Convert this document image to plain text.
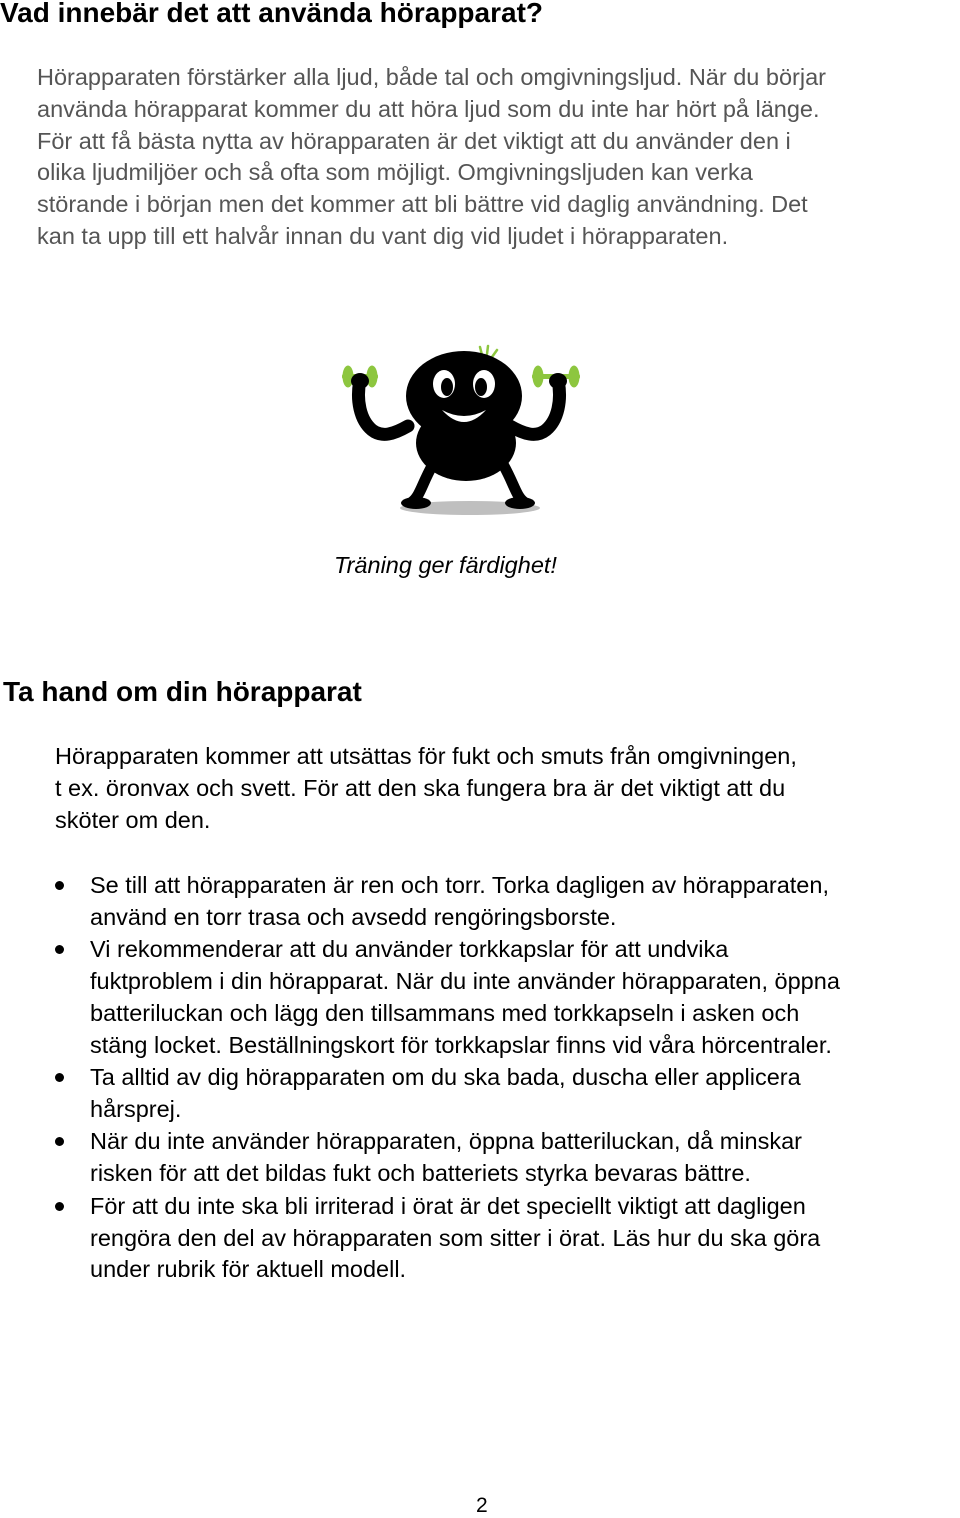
Vad innebär det att använda hörapparat?

Hörapparaten förstärker alla ljud, både tal och omgivningsljud. När du börjar
använda hörapparat kommer du att höra ljud som du inte har hört på länge.
För att få bästa nytta av hörapparaten är det viktigt att du använder den i
olika ljudmiljöer och så ofta som möjligt. Omgivningsljuden kan verka
störande i början men det kommer att bli bättre vid daglig användning. Det
kan ta upp till ett halvår innan du vant dig vid ljudet i hörapparaten.

Träning ger färdighet!

Ta hand om din hörapparat

Hörapparaten kommer att utsättas för fukt och smuts från omgivningen,
t ex. öronvax och svett. För att den ska fungera bra är det viktigt att du
sköter om den.

Se till att hörapparaten är ren och torr. Torka dagligen av hörapparaten,
använd en torr trasa och avsedd rengöringsborste.
Vi rekommenderar att du använder torkkapslar för att undvika
fuktproblem i din hörapparat. När du inte använder hörapparaten, öppna
batteriluckan och lägg den tillsammans med torkkapseln i asken och
stäng locket. Beställningskort för torkkapslar finns vid våra hörcentraler.
Ta alltid av dig hörapparaten om du ska bada, duscha eller applicera
hårsprej.
När du inte använder hörapparaten, öppna batteriluckan, då minskar
risken för att det bildas fukt och batteriets styrka bevaras bättre.
För att du inte ska bli irriterad i örat är det speciellt viktigt att dagligen
rengöra den del av hörapparaten som sitter i örat. Läs hur du ska göra
under rubrik för aktuell modell.

2
